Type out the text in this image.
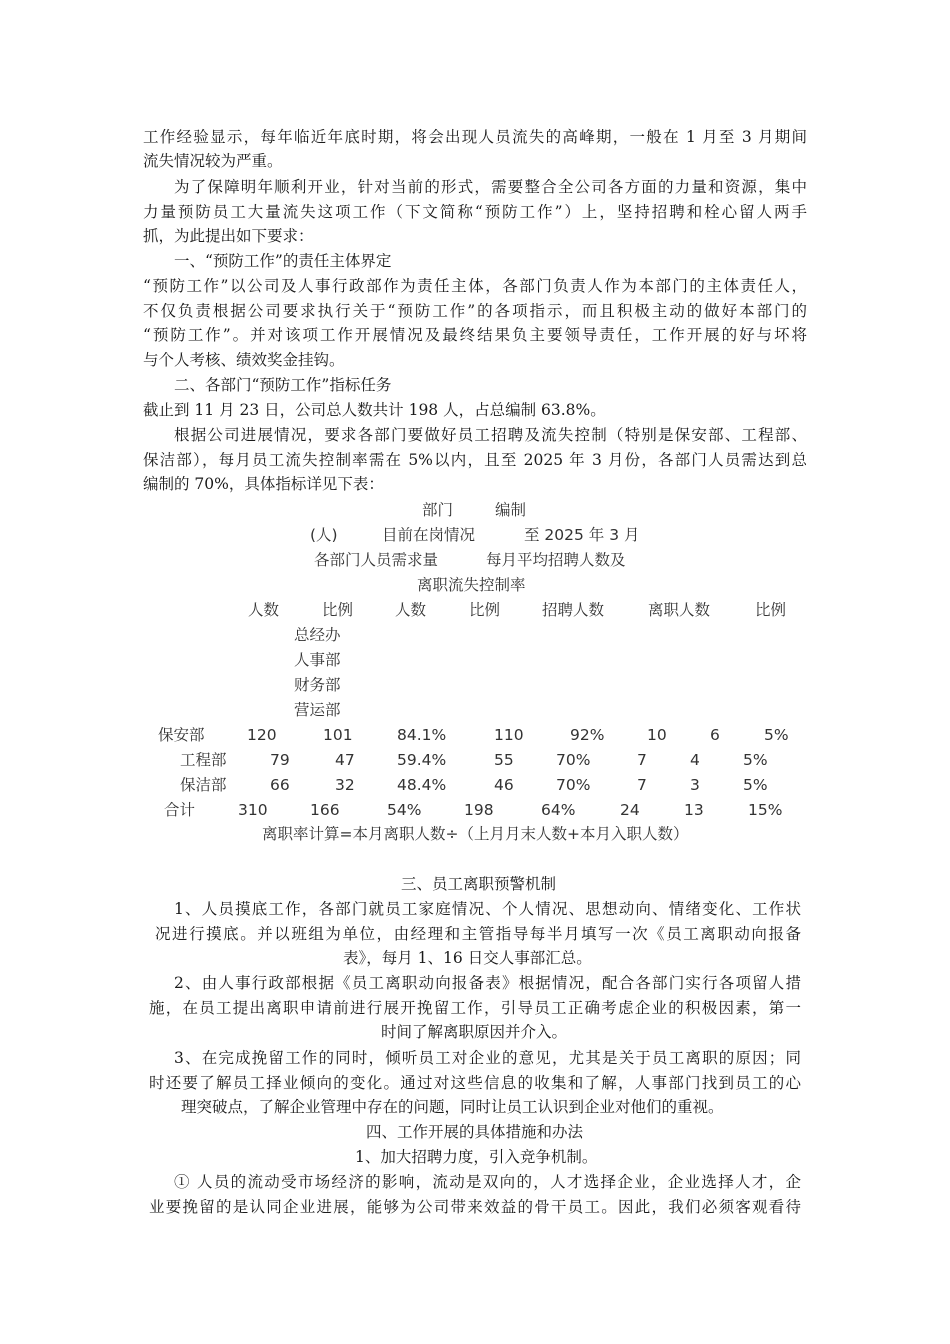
工作经验显示，每年临近年底时期，将会出现人员流失的高峰期，一般在 1 月至 3 月期间
流失情况较为严重。
为了保障明年顺利开业，针对当前的形式，需要整合全公司各方面的力量和资源，集中
力量预防员工大量流失这项工作（下文简称“预防工作”）上，坚持招聘和栓心留人两手
抓，为此提出如下要求：
一、“预防工作”的责任主体界定
“预防工作”以公司及人事行政部作为责任主体，各部门负责人作为本部门的主体责任人，
不仅负责根据公司要求执行关于“预防工作”的各项指示，而且积极主动的做好本部门的
“预防工作”。并对该项工作开展情况及最终结果负主要领导责任，工作开展的好与坏将
与个人考核、绩效奖金挂钩。
二、各部门“预防工作”指标任务
截止到 11 月 23 日，公司总人数共计 198 人，占总编制 63.8%。
根据公司进展情况，要求各部门要做好员工招聘及流失控制（特别是保安部、工程部、
保洁部），每月员工流失控制率需在 5%以内，且至 2025 年 3 月份，各部门人员需达到总
编制的 70%，具体指标详见下表：
部门	编制
(人)	目前在岗情况	至 2025 年 3 月
各部门人员需求量	每月平均招聘人数及
离职流失控制率
人数	比例	人数	比例	招聘人数	离职人数	比例
总经办
人事部
财务部
营运部
保安部	120	101	84.1%	110	92%	10	6	5%
工程部	79	47	59.4%	55	70%	7	4	5%
保洁部	66	32	48.4%	46	70%	7	3	5%
合计	310	166	54%	198	64%	24	13	15%
离职率计算=本月离职人数÷（上月月末人数+本月入职人数）
三、员工离职预警机制
1、人员摸底工作，各部门就员工家庭情况、个人情况、思想动向、情绪变化、工作状
况进行摸底。并以班组为单位，由经理和主管指导每半月填写一次《员工离职动向报备
表》，每月 1、16 日交人事部汇总。
2、由人事行政部根据《员工离职动向报备表》根据情况，配合各部门实行各项留人措
施，在员工提出离职申请前进行展开挽留工作，引导员工正确考虑企业的积极因素，第一
时间了解离职原因并介入。
3、在完成挽留工作的同时，倾听员工对企业的意见，尤其是关于员工离职的原因；同
时还要了解员工择业倾向的变化。通过对这些信息的收集和了解，人事部门找到员工的心
理突破点，了解企业管理中存在的问题，同时让员工认识到企业对他们的重视。
四、工作开展的具体措施和办法
1、加大招聘力度，引入竞争机制。
① 人员的流动受市场经济的影响，流动是双向的，人才选择企业，企业选择人才，企
业要挽留的是认同企业进展，能够为公司带来效益的骨干员工。因此，我们必须客观看待
